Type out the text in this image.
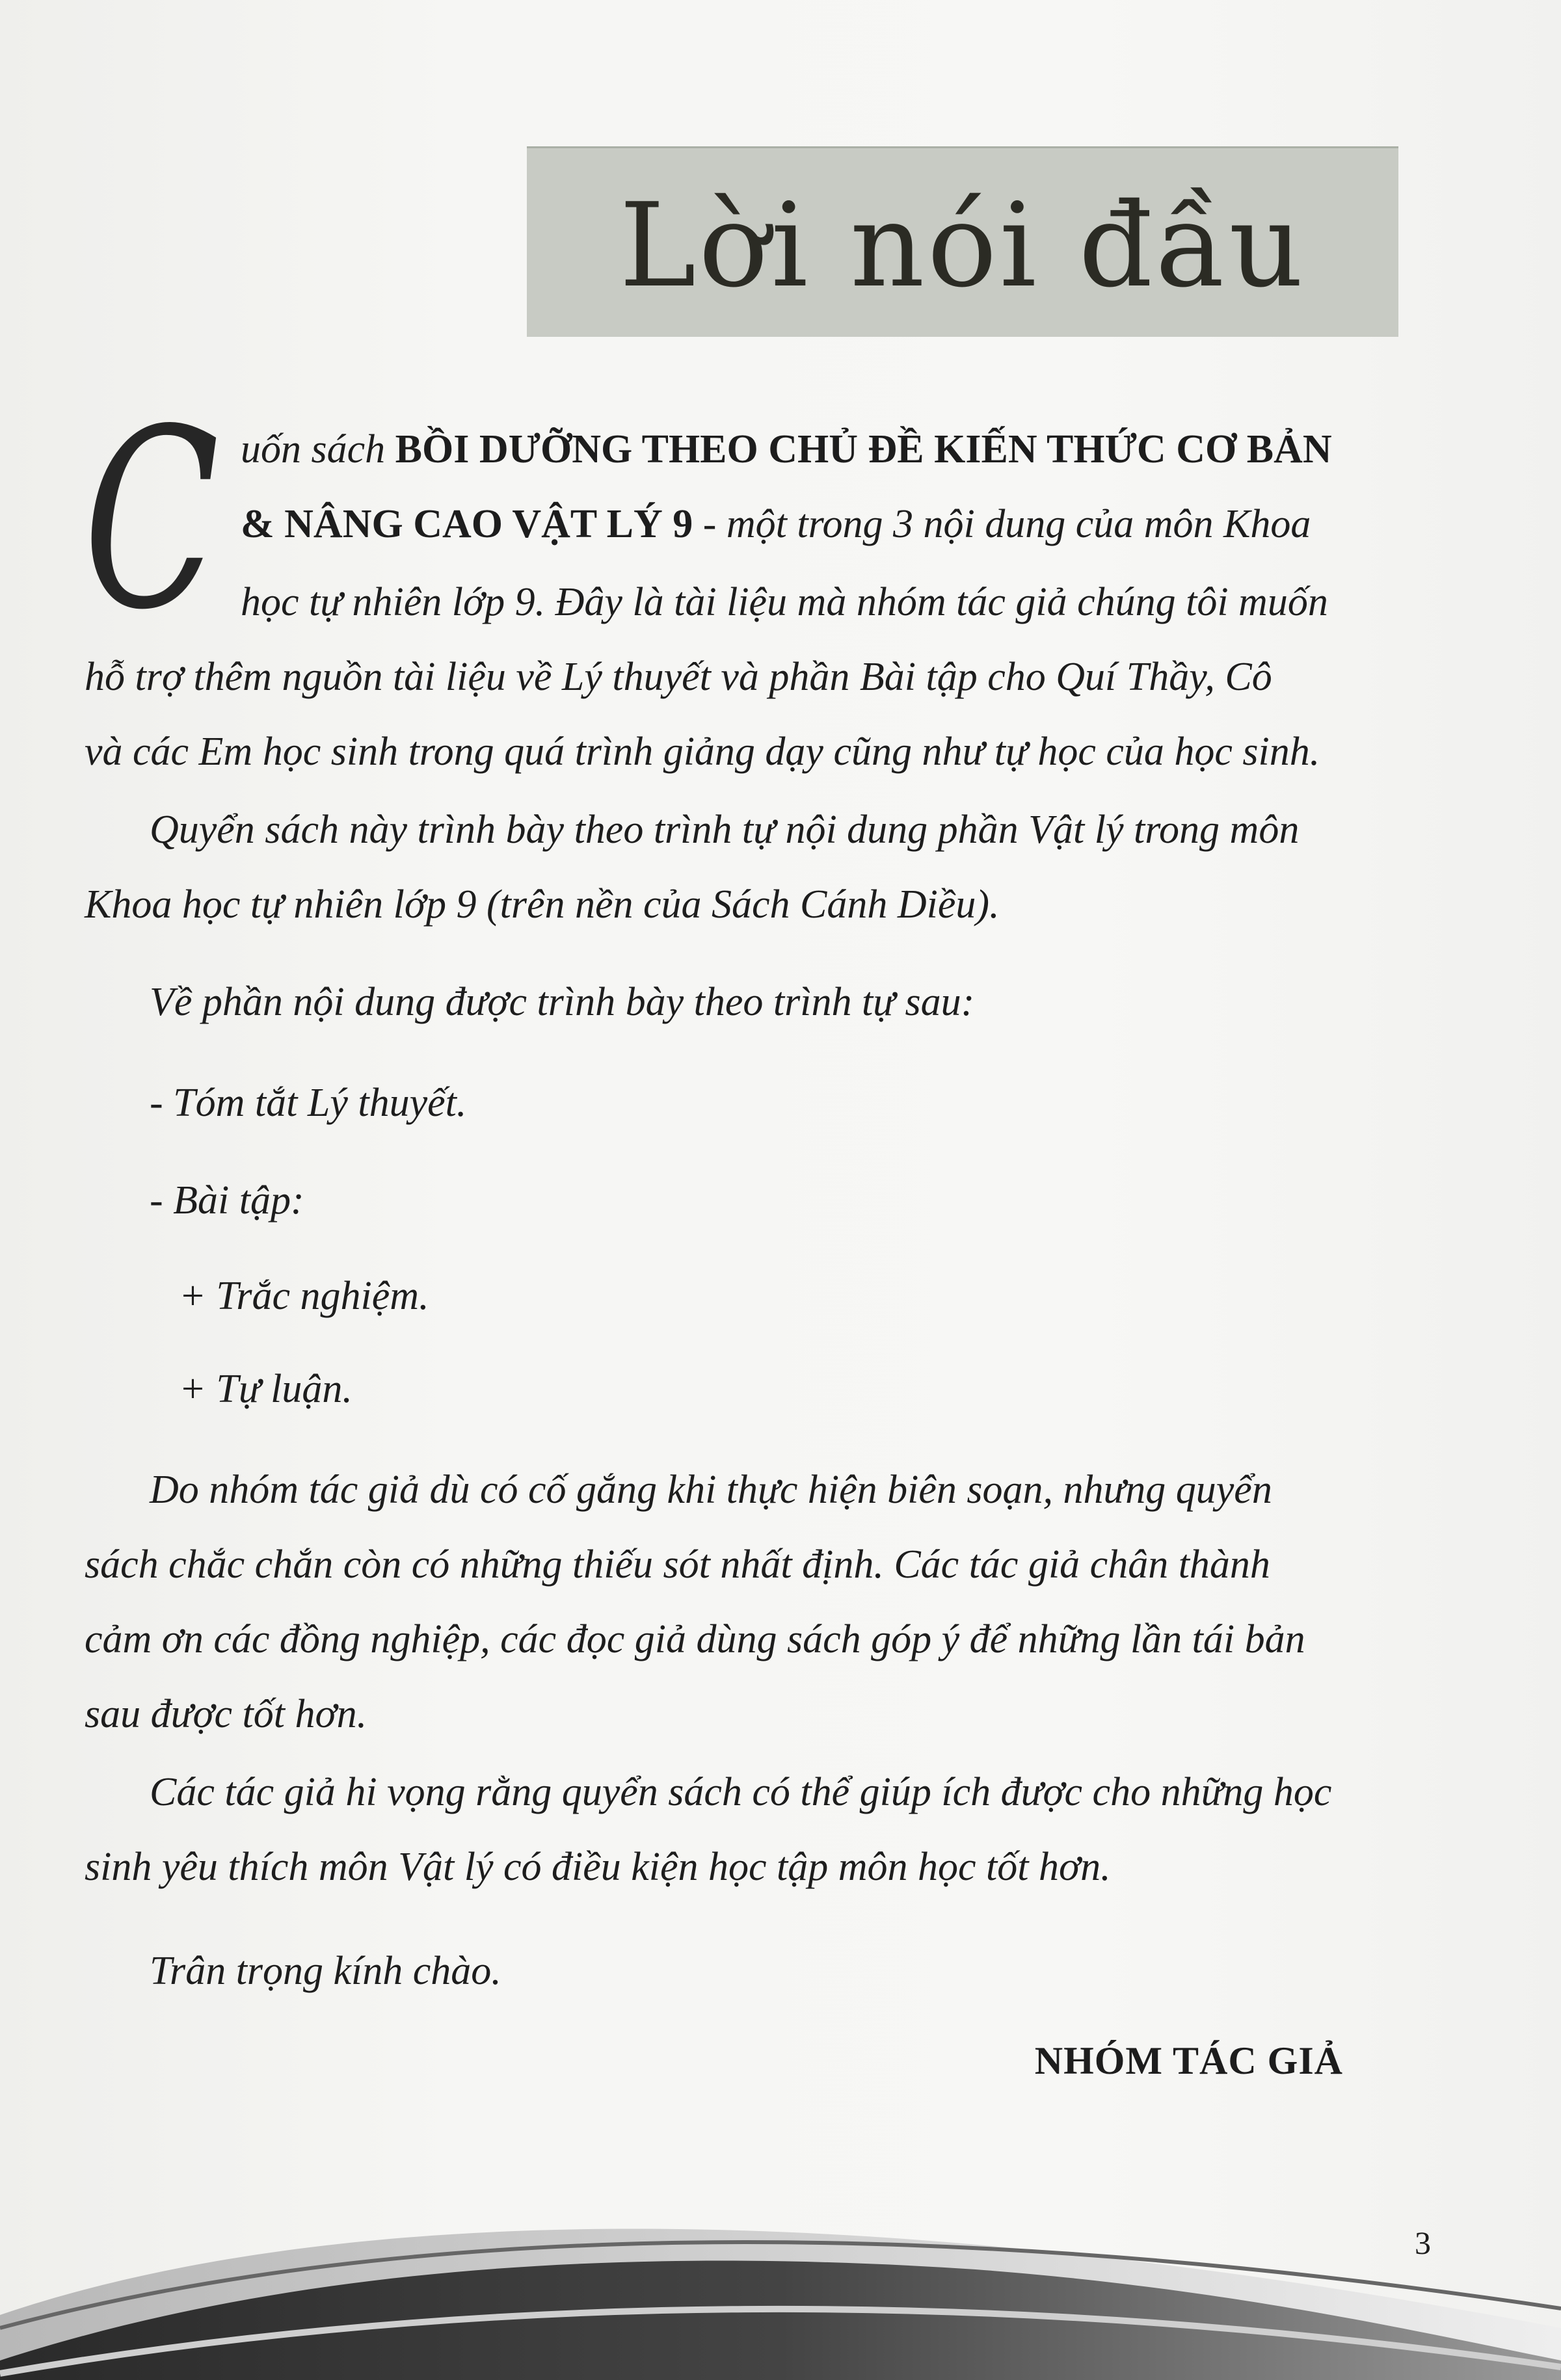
Lời nói đầu
C uốn sách BỒI DƯỠNG THEO CHỦ ĐỀ KIẾN THỨC CƠ BẢN
& NÂNG CAO VẬT LÝ 9 - một trong 3 nội dung của môn Khoa
học tự nhiên lớp 9. Đây là tài liệu mà nhóm tác giả chúng tôi muốn
hỗ trợ thêm nguồn tài liệu về Lý thuyết và phần Bài tập cho Quí Thầy, Cô
và các Em học sinh trong quá trình giảng dạy cũng như tự học của học sinh.
Quyển sách này trình bày theo trình tự nội dung phần Vật lý trong môn
Khoa học tự nhiên lớp 9 (trên nền của Sách Cánh Diều).
Về phần nội dung được trình bày theo trình tự sau:
- Tóm tắt Lý thuyết.
- Bài tập:
+ Trắc nghiệm.
+ Tự luận.
Do nhóm tác giả dù có cố gắng khi thực hiện biên soạn, nhưng quyển
sách chắc chắn còn có những thiếu sót nhất định. Các tác giả chân thành
cảm ơn các đồng nghiệp, các đọc giả dùng sách góp ý để những lần tái bản
sau được tốt hơn.
Các tác giả hi vọng rằng quyển sách có thể giúp ích được cho những học
sinh yêu thích môn Vật lý có điều kiện học tập môn học tốt hơn.
Trân trọng kính chào.
NHÓM TÁC GIẢ
3
